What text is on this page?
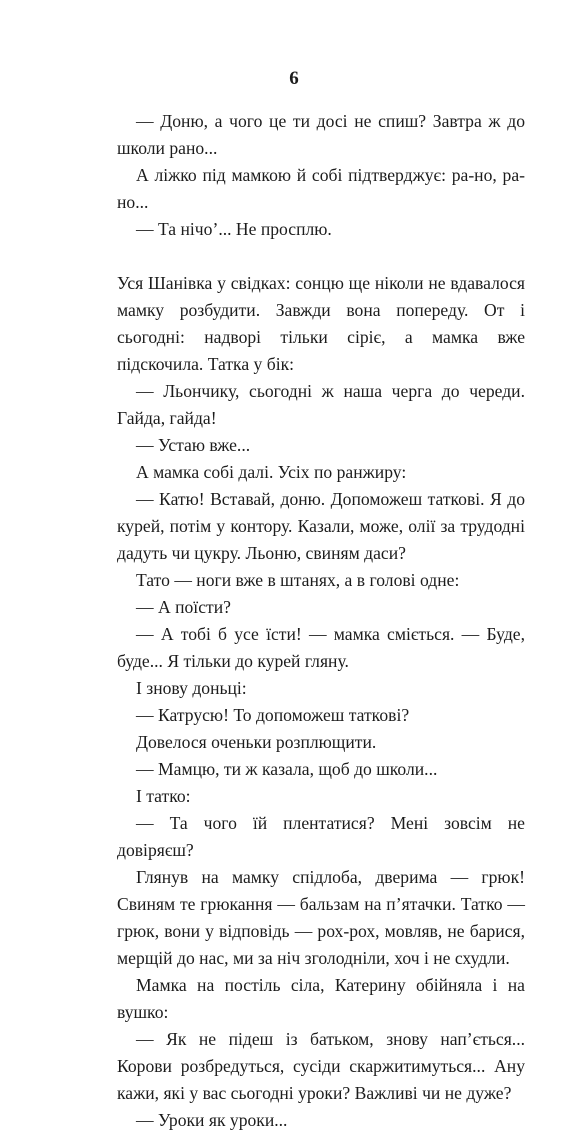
6

— Доню, а чого це ти досі не спиш? Завтра ж до школи рано...

А ліжко під мамкою й собі підтверджує: ра-но, ра-но...

— Та нічо’... Не просплю.

Уся Шанівка у свідках: сонцю ще ніколи не вдавалося мамку розбудити. Завжди вона попереду. От і сьогодні: надворі тільки сіріє, а мамка вже підскочила. Татка у бік:

— Льончику, сьогодні ж наша черга до череди. Гайда, гайда!

— Устаю вже...

А мамка собі далі. Усіх по ранжиру:

— Катю! Вставай, доню. Допоможеш таткові. Я до курей, потім у контору. Казали, може, олії за трудодні дадуть чи цукру. Льоню, свиням даси?

Тато — ноги вже в штанях, а в голові одне:

— А поїсти?

— А тобі б усе їсти! — мамка сміється. — Буде, буде... Я тільки до курей гляну.

І знову доньці:

— Катрусю! То допоможеш таткові?

Довелося оченьки розплющити.

— Мамцю, ти ж казала, щоб до школи...

І татко:

— Та чого їй плентатися? Мені зовсім не довіряєш?

Глянув на мамку спідлоба, дверима — грюк! Свиням те грюкання — бальзам на п’ятачки. Татко — грюк, вони у відповідь — рох-рох, мовляв, не барися, мерщій до нас, ми за ніч зголодніли, хоч і не схудли.

Мамка на постіль сіла, Катерину обійняла і на вушко:

— Як не підеш із батьком, знову нап’ється... Корови розбредуться, сусіди скаржитимуться... Ану кажи, які у вас сьогодні уроки? Важливі чи не дуже?

— Уроки як уроки...
